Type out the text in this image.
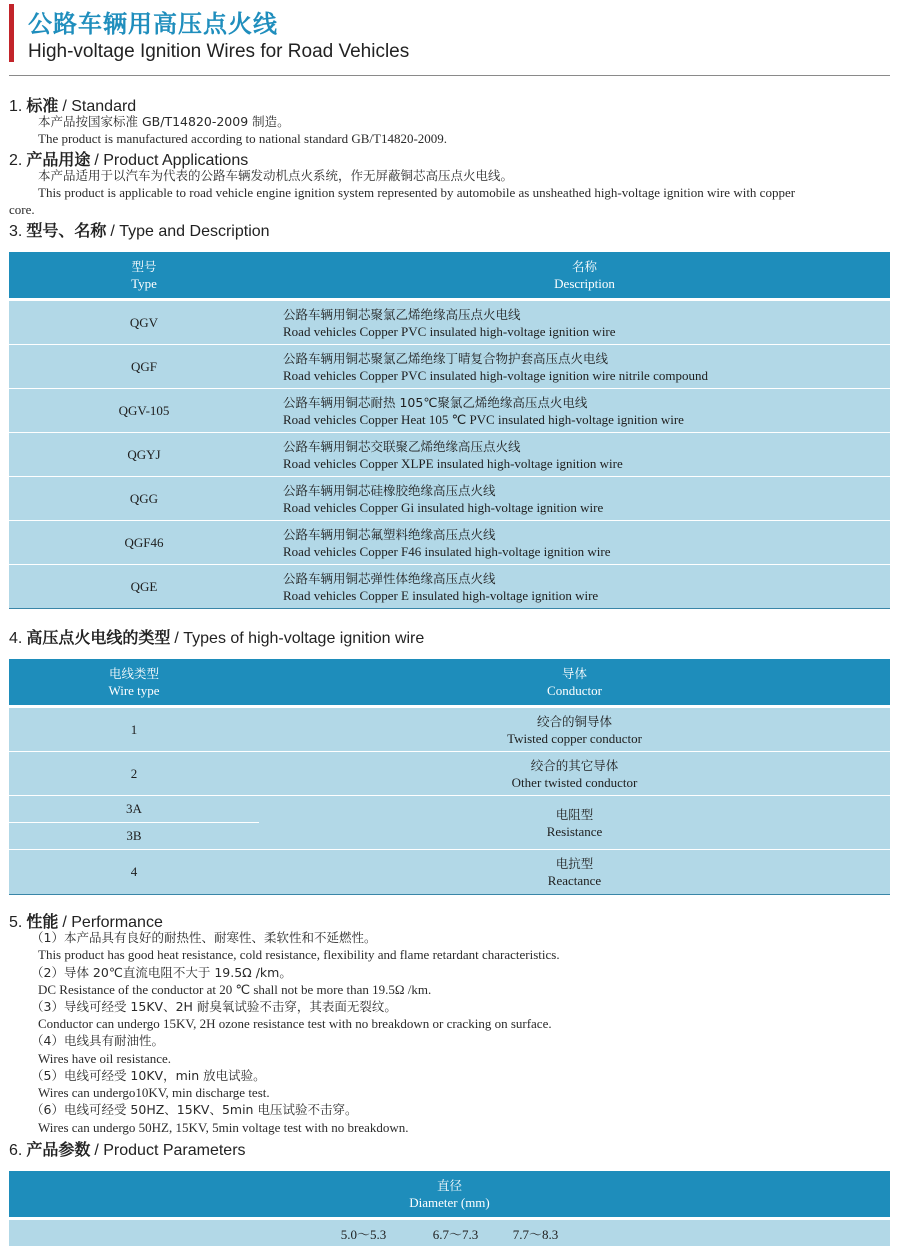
公路车辆用高压点火线
High-voltage Ignition Wires for Road Vehicles
1. 标准 / Standard
本产品按国家标准 GB/T14820-2009 制造。
The product is manufactured according to national standard GB/T14820-2009.
2. 产品用途 / Product Applications
本产品适用于以汽车为代表的公路车辆发动机点火系统，作无屏蔽铜芯高压点火电线。
This product is applicable to road vehicle engine ignition system represented by automobile as unsheathed high-voltage ignition wire with copper
core.
3. 型号、名称 / Type and Description
型号
Type
名称
Description
QGV
公路车辆用铜芯聚氯乙烯绝缘高压点火电线
Road vehicles Copper PVC insulated high-voltage ignition wire
QGF
公路车辆用铜芯聚氯乙烯绝缘丁晴复合物护套高压点火电线
Road vehicles Copper PVC insulated high-voltage ignition wire nitrile compound
QGV-105
公路车辆用铜芯耐热 105℃聚氯乙烯绝缘高压点火电线
Road vehicles Copper Heat 105 ℃ PVC insulated high-voltage ignition wire
QGYJ
公路车辆用铜芯交联聚乙烯绝缘高压点火线
Road vehicles Copper XLPE insulated high-voltage ignition wire
QGG
公路车辆用铜芯硅橡胶绝缘高压点火线
Road vehicles Copper Gi insulated high-voltage ignition wire
QGF46
公路车辆用铜芯氟塑料绝缘高压点火线
Road vehicles Copper F46 insulated high-voltage ignition wire
QGE
公路车辆用铜芯弹性体绝缘高压点火线
Road vehicles Copper E insulated high-voltage ignition wire
4. 高压点火电线的类型 / Types of high-voltage ignition wire
电线类型
Wire type
导体
Conductor
1
绞合的铜导体
Twisted copper conductor
2
绞合的其它导体
Other twisted conductor
3A
3B
电阻型
Resistance
4
电抗型
Reactance
5. 性能 / Performance
（1）本产品具有良好的耐热性、耐寒性、柔软性和不延燃性。
This product has good heat resistance, cold resistance, flexibility and flame retardant characteristics.
（2）导体 20℃直流电阻不大于 19.5Ω /km。
DC Resistance of the conductor at 20 ℃ shall not be more than 19.5Ω /km.
（3）导线可经受 15KV、2H 耐臭氧试验不击穿，其表面无裂纹。
Conductor can undergo 15KV, 2H ozone resistance test with no breakdown or cracking on surface.
（4）电线具有耐油性。
Wires have oil resistance.
（5）电线可经受 10KV，min 放电试验。
Wires can undergo10KV, min discharge test.
（6）电线可经受 50HZ、15KV、5min 电压试验不击穿。
Wires can undergo 50HZ, 15KV, 5min voltage test with no breakdown.
6. 产品参数 / Product Parameters
直径
Diameter (mm)
5.0～5.3	6.7～7.3	7.7～8.3
